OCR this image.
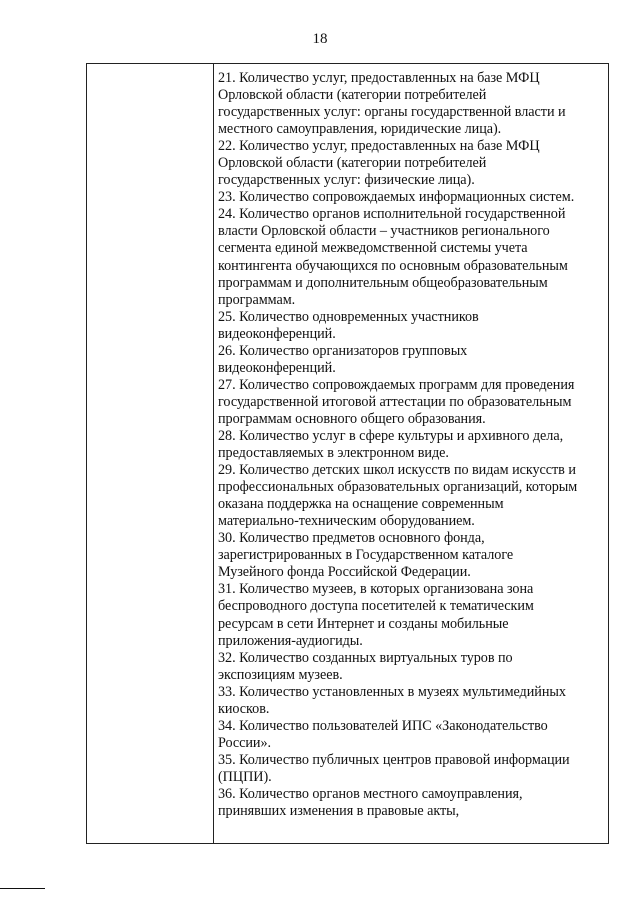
18
21. Количество услуг, предоставленных на базе МФЦ
Орловской области (категории потребителей
государственных услуг: органы государственной власти и
местного самоуправления, юридические лица).
22. Количество услуг, предоставленных на базе МФЦ
Орловской области (категории потребителей
государственных услуг: физические лица).
23. Количество сопровождаемых информационных систем.
24. Количество органов исполнительной государственной
власти Орловской области – участников регионального
сегмента единой межведомственной системы учета
контингента обучающихся по основным образовательным
программам и дополнительным общеобразовательным
программам.
25. Количество одновременных участников
видеоконференций.
26. Количество организаторов групповых
видеоконференций.
27. Количество сопровождаемых программ для проведения
государственной итоговой аттестации по образовательным
программам основного общего образования.
28. Количество услуг в сфере культуры и архивного дела,
предоставляемых в электронном виде.
29. Количество детских школ искусств по видам искусств и
профессиональных образовательных организаций, которым
оказана поддержка на оснащение современным
материально-техническим оборудованием.
30. Количество предметов основного фонда,
зарегистрированных в Государственном каталоге
Музейного фонда Российской Федерации.
31. Количество музеев, в которых организована зона
беспроводного доступа посетителей к тематическим
ресурсам в сети Интернет и созданы мобильные
приложения-аудиогиды.
32. Количество созданных виртуальных туров по
экспозициям музеев.
33. Количество установленных в музеях мультимедийных
киосков.
34. Количество пользователей ИПС «Законодательство
России».
35. Количество публичных центров правовой информации
(ПЦПИ).
36. Количество органов местного самоуправления,
принявших изменения в правовые акты,
